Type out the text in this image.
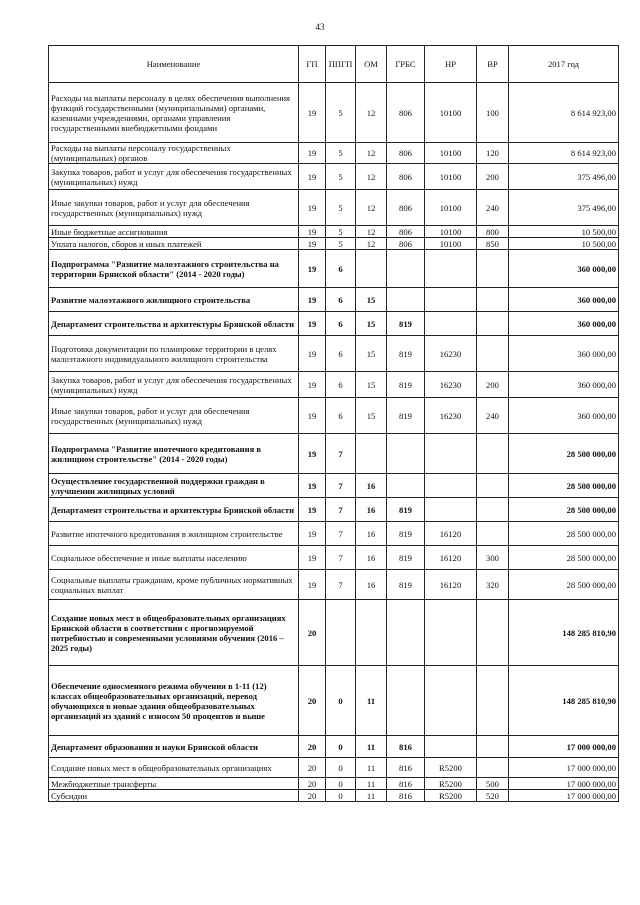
43
Наименование	ГП	ППГП	ОМ	ГРБС	НР	ВР	2017 год
Расходы на выплаты персоналу в целях обеспечения выполнения функций государственными (муниципальными) органами, казенными учреждениями, органами управления государственными внебюджетными фондами	19	5	12	806	10100	100	8 614 923,00
Расходы на выплаты персоналу государственных (муниципальных) органов	19	5	12	806	10100	120	8 614 923,00
Закупка товаров, работ и услуг для обеспечения государственных (муниципальных) нужд	19	5	12	806	10100	200	375 496,00
Иные закупки товаров, работ и услуг для обеспечения государственных (муниципальных) нужд	19	5	12	806	10100	240	375 496,00
Иные бюджетные ассигнования	19	5	12	806	10100	800	10 500,00
Уплата налогов, сборов и иных платежей	19	5	12	806	10100	850	10 500,00
Подпрограмма "Развитие малоэтажного строительства на территории Брянской области" (2014 - 2020 годы)	19	6					360 000,00
Развитие малоэтажного жилищного строительства	19	6	15				360 000,00
Департамент строительства и архитектуры Брянской области	19	6	15	819			360 000,00
Подготовка документации по планировке территории в целях малоэтажного индивидуального жилищного строительства	19	6	15	819	16230		360 000,00
Закупка товаров, работ и услуг для обеспечения государственных (муниципальных) нужд	19	6	15	819	16230	200	360 000,00
Иные закупки товаров, работ и услуг для обеспечения государственных (муниципальных) нужд	19	6	15	819	16230	240	360 000,00
Подпрограмма "Развитие ипотечного кредитования в жилищном строительстве" (2014 - 2020 годы)	19	7					28 500 000,00
Осуществление государственной поддержки граждан в улучшении жилищных условий	19	7	16				28 500 000,00
Департамент строительства и архитектуры Брянской области	19	7	16	819			28 500 000,00
Развитие ипотечного кредитования в жилищном строительстве	19	7	16	819	16120		28 500 000,00
Социальное обеспечение и иные выплаты населению	19	7	16	819	16120	300	28 500 000,00
Социальные выплаты гражданам, кроме публичных нормативных социальных выплат	19	7	16	819	16120	320	28 500 000,00
Создание новых мест в общеобразовательных организациях Брянской области в соответствии с прогнозируемой потребностью и современными условиями обучения (2016 – 2025 годы)	20						148 285 810,90
Обеспечение односменного режима обучения в 1-11 (12) классах общеобразовательных организаций, перевод обучающихся в новые здания общеобразовательных организаций из зданий с износом 50 процентов и выше	20	0	11				148 285 810,90
Департамент образования и науки Брянской области	20	0	11	816			17 000 000,00
Создание новых мест в общеобразовательных организациях	20	0	11	816	R5200		17 000 000,00
Межбюджетные трансферты	20	0	11	816	R5200	500	17 000 000,00
Субсидии	20	0	11	816	R5200	520	17 000 000,00
